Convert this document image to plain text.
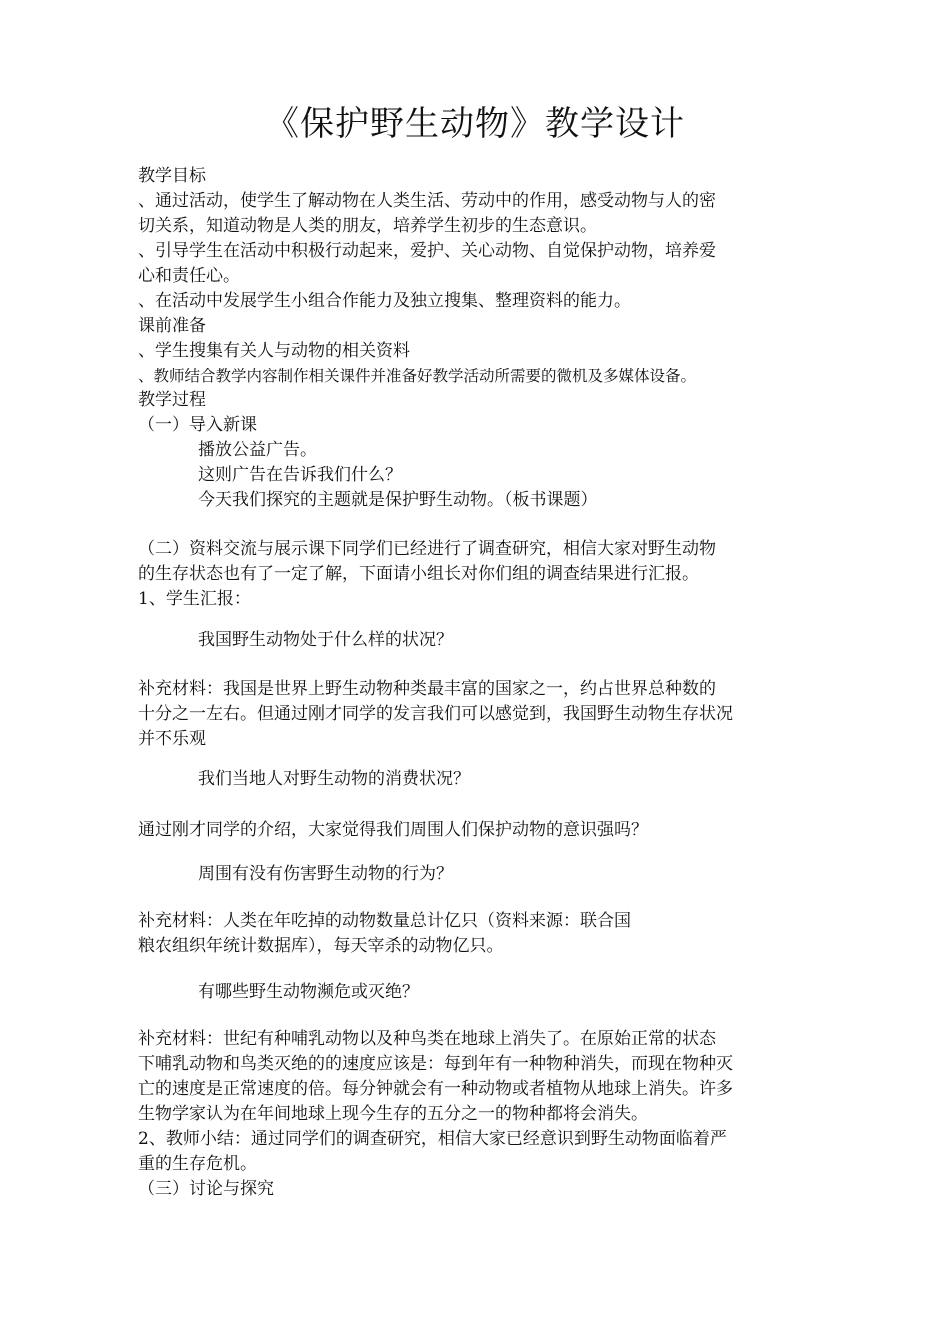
《保护野生动物》教学设计
教学目标
、通过活动，使学生了解动物在人类生活、劳动中的作用，感受动物与人的密
切关系，知道动物是人类的朋友，培养学生初步的生态意识。
、引导学生在活动中积极行动起来，爱护、关心动物、自觉保护动物，培养爱
心和责任心。
、在活动中发展学生小组合作能力及独立搜集、整理资料的能力。
课前准备
、学生搜集有关人与动物的相关资料
、教师结合教学内容制作相关课件并准备好教学活动所需要的微机及多媒体设备。
教学过程
（一）导入新课
播放公益广告。
这则广告在告诉我们什么？
今天我们探究的主题就是保护野生动物。（板书课题）
（二）资料交流与展示课下同学们已经进行了调查研究，相信大家对野生动物
的生存状态也有了一定了解，下面请小组长对你们组的调查结果进行汇报。
1、学生汇报：
我国野生动物处于什么样的状况？
补充材料：我国是世界上野生动物种类最丰富的国家之一，约占世界总种数的
十分之一左右。但通过刚才同学的发言我们可以感觉到，我国野生动物生存状况
并不乐观
我们当地人对野生动物的消费状况？
通过刚才同学的介绍，大家觉得我们周围人们保护动物的意识强吗？
周围有没有伤害野生动物的行为？
补充材料：人类在年吃掉的动物数量总计亿只（资料来源：联合国
粮农组织年统计数据库），每天宰杀的动物亿只。
有哪些野生动物濒危或灭绝？
补充材料：世纪有种哺乳动物以及种鸟类在地球上消失了。在原始正常的状态
下哺乳动物和鸟类灭绝的的速度应该是：每到年有一种物种消失，而现在物种灭
亡的速度是正常速度的倍。每分钟就会有一种动物或者植物从地球上消失。许多
生物学家认为在年间地球上现今生存的五分之一的物种都将会消失。
2、教师小结：通过同学们的调查研究，相信大家已经意识到野生动物面临着严
重的生存危机。
（三）讨论与探究
